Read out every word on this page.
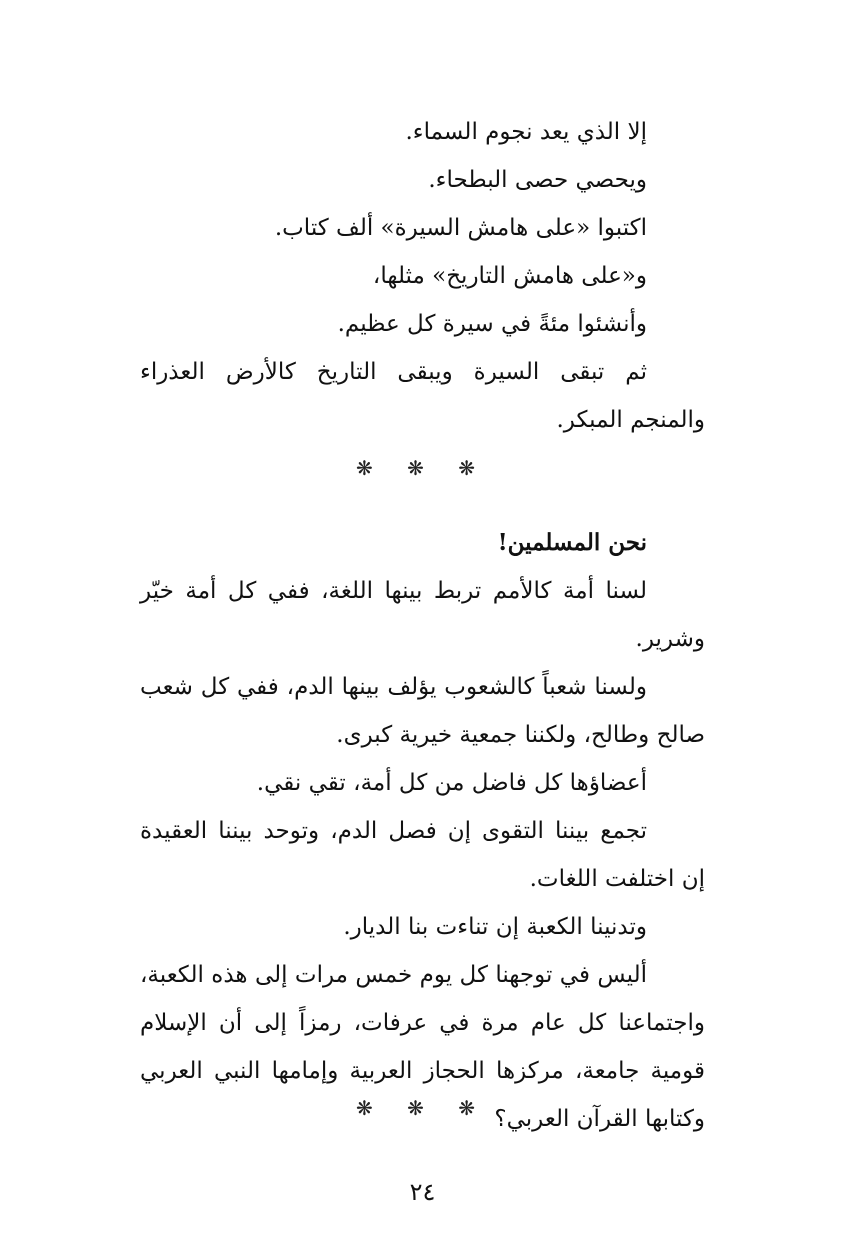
إلا الذي يعد نجوم السماء.

ويحصي حصى البطحاء.

اكتبوا «على هامش السيرة» ألف كتاب.

و«على هامش التاريخ» مثلها،

وأنشئوا مئةً في سيرة كل عظيم.

ثم تبقى السيرة ويبقى التاريخ كالأرض العذراء والمنجم المبكر.

❋ ❋ ❋

نحن المسلمين!

لسنا أمة كالأمم تربط بينها اللغة، ففي كل أمة خيّر وشرير.

ولسنا شعباً كالشعوب يؤلف بينها الدم، ففي كل شعب صالح وطالح، ولكننا جمعية خيرية كبرى.

أعضاؤها كل فاضل من كل أمة، تقي نقي.

تجمع بيننا التقوى إن فصل الدم، وتوحد بيننا العقيدة إن اختلفت اللغات.

وتدنينا الكعبة إن تناءت بنا الديار.

أليس في توجهنا كل يوم خمس مرات إلى هذه الكعبة، واجتماعنا كل عام مرة في عرفات، رمزاً إلى أن الإسلام قومية جامعة، مركزها الحجاز العربية وإمامها النبي العربي وكتابها القرآن العربي؟

❋ ❋ ❋
٢٤
